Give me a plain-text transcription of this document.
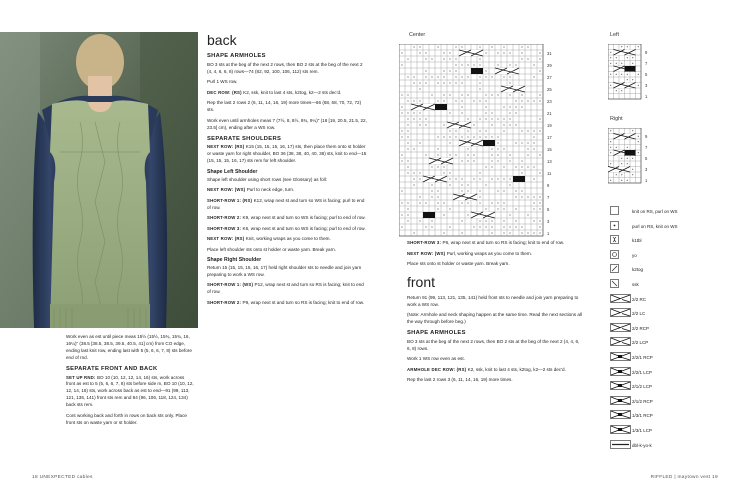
Work even as est until piece meas 15½ (15½, 15¾, 15¾, 16, 16¼)" (38.5 [38.5, 38.5, 39.5, 40.5, 41] cm) from CO edge, ending last knit row, ending last with 5 (5, 6, 6, 7, 8) sts before end of rnd.

SEPARATE FRONT AND BACK

SET UP RND: BO 10 (10, 12, 12, 14, 16) sts, work across front as est to 5 (5, 6, 6, 7, 8) sts before side m, BO 10 (10, 12, 12, 14, 16) sts, work across back as est to end—91 (99, 113, 121, 135, 141) front sts rem and 84 (96, 106, 118, 124, 134) back sts rem.

Cont working back and forth in rows on back sts only. Place front sts on waste yarn or st holder.

back
SHAPE ARMHOLES

BO 3 sts at the beg of the next 2 rows, then BO 2 sts at the beg of the next 2 (4, 4, 6, 6, 8) rows—74 (82, 92, 100, 106, 112) sts rem.

Purl 1 WS row.

DEC ROW: (RS) K2, ssk, knit to last 4 sts, k2tog, k2—2 sts dec'd.

Rep the last 2 rows 2 (6, 11, 14, 16, 19) more times—66 (68, 68, 70, 72, 72) sts.

Work even until armholes meas 7 (7½, 8, 8½, 8¾, 9¼)" (18 [19, 20.5, 21.5, 22, 23.5] cm), ending after a WS row.

SEPARATE SHOULDERS

NEXT ROW: (RS) K15 (15, 15, 15, 16, 17) sts, then place them onto st holder or waste yarn for right shoulder, BO 36 (38, 38, 40, 40, 38) sts, knit to end—15 (15, 15, 15, 16, 17) sts rem for left shoulder.

Shape Left Shoulder

Shape left shoulder using short rows (see Glossary) as foll:

NEXT ROW: (WS) Purl to neck edge, turn.

SHORT-ROW 1: (RS) K12, wrap next st and turn so WS is facing; purl to end of row.

SHORT-ROW 2: K9, wrap next st and turn so WS is facing; purl to end of row.

SHORT-ROW 3: K6, wrap next st and turn so WS is facing; purl to end of row.

NEXT ROW: (RS) Knit, working wraps as you come to them.

Place left shoulder sts onto st holder or waste yarn. Break yarn.

Shape Right Shoulder

Return 15 (15, 15, 15, 16, 17) held right shoulder sts to needle and join yarn preparing to work a WS row.

SHORT-ROW 1: (WS) P12, wrap next st and turn so RS is facing; knit to end of row.

SHORT-ROW 2: P9, wrap next st and turn so RS is facing; knit to end of row.

18 UNEXPECTED cables
Center
31
29
27
25
23
21
19
17
15
13
11
9
7
5
3
1
Left
9
7
5
3
1
Right
9
7
5
3
1

SHORT-ROW 3: P6, wrap next st and turn so RS is facing; knit to end of row.

NEXT ROW: (WS) Purl, working wraps as you come to them.

Place sts onto st holder or waste yarn. Break yarn.

front

Return 91 (99, 113, 121, 135, 141) held front sts to needle and join yarn preparing to work a WS row.

(Note: Armhole and neck shaping happen at the same time. Read the next sections all the way through before beg.)

SHAPE ARMHOLES

BO 3 sts at the beg of the next 2 rows, then BO 2 sts at the beg of the next 2 (4, 4, 6, 6, 8) rows.

Work 1 WS row even as est.

ARMHOLE DEC ROW: (RS) K2, ssk, knit to last 4 sts, k2tog, k2—2 sts dec'd.

Rep the last 2 rows 3 (6, 11, 14, 16, 19) more times.

knit on RS, purl on WS
purl on RS, knit on WS
k1tbl
yo
k2tog
ssk
2/2 RC
2/2 LC
2/2 RCP
2/2 LCP
2/2/1 RCP
2/2/1 LCP
2/1/2 LCP
2/1/2 RCP
1/3/1 RCP
1/3/1 LCP
dbl-k-yo-k
RIFFLED | maytown vest 19
